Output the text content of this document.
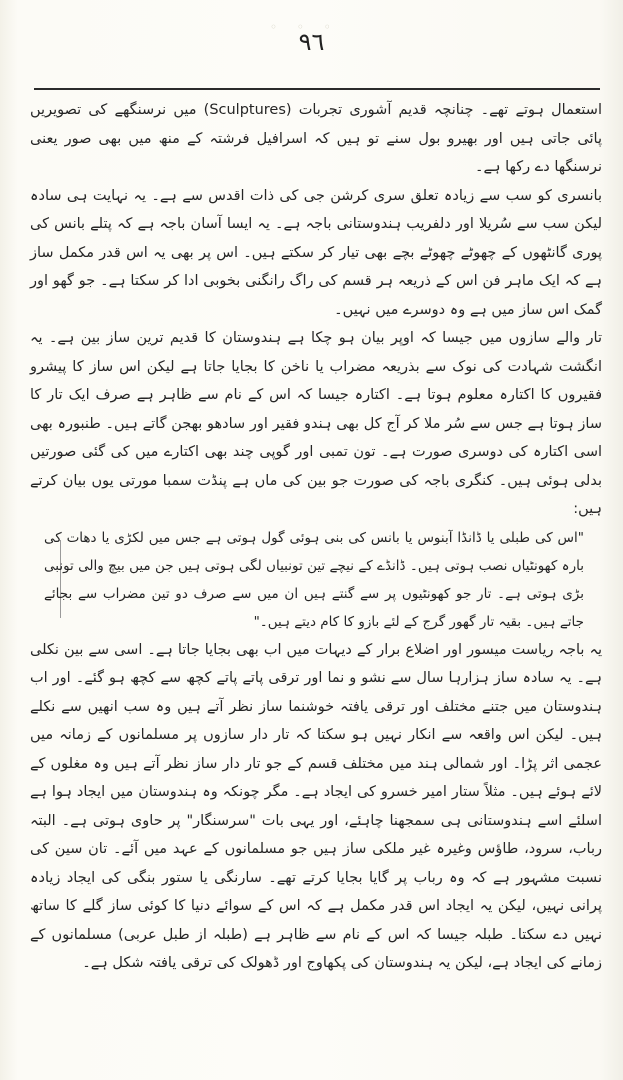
◦ ◦ ◦
٩٦

استعمال ہوتے تھے۔ چنانچہ قدیم آشوری تجربات (Sculptures) میں نرسنگھے کی تصویریں پائی جاتی ہیں اور بھیرو بول سنے تو ہیں کہ اسرافیل فرشتہ کے منھ میں بھی صور یعنی نرسنگھا دے رکھا ہے۔

بانسری کو سب سے زیادہ تعلق سری کرشن جی کی ذات اقدس سے ہے۔ یہ نہایت ہی سادہ لیکن سب سے سُریلا اور دلفریب ہندوستانی باجہ ہے۔ یہ ایسا آسان باجہ ہے کہ پتلے بانس کی پوری گانٹھوں کے چھوٹے چھوٹے بچے بھی تیار کر سکتے ہیں۔ اس پر بھی یہ اس قدر مکمل ساز ہے کہ ایک ماہر فن اس کے ذریعہ ہر قسم کی راگ رانگنی بخوبی ادا کر سکتا ہے۔ جو گھو اور گمک اس ساز میں ہے وہ دوسرے میں نہیں۔

تار والے سازوں میں جیسا کہ اوپر بیان ہو چکا ہے ہندوستان کا قدیم ترین ساز بین ہے۔ یہ انگشت شہادت کی نوک سے بذریعہ مضراب یا ناخن کا بجایا جاتا ہے لیکن اس ساز کا پیشرو فقیروں کا اکتارہ معلوم ہوتا ہے۔ اکتارہ جیسا کہ اس کے نام سے ظاہر ہے صرف ایک تار کا ساز ہوتا ہے جس سے سُر ملا کر آج کل بھی ہندو فقیر اور سادھو بھجن گاتے ہیں۔ طنبورہ بھی اسی اکتارہ کی دوسری صورت ہے۔ تون تمبی اور گوپی چند بھی اکتارے میں کی گئی صورتیں بدلی ہوئی ہیں۔ کنگری باجہ کی صورت جو بین کی ماں ہے پنڈت سمبا مورتی یوں بیان کرتے ہیں:

"اس کی طبلی یا ڈانڈا آبنوس یا بانس کی بنی ہوئی گول ہوتی ہے جس میں لکڑی یا دھات کی بارہ کھونٹیاں نصب ہوتی ہیں۔ ڈانڈے کے نیچے تین تونبیاں لگی ہوتی ہیں جن میں بیچ والی تونبی بڑی ہوتی ہے۔ تار جو کھونٹیوں پر سے گنتے ہیں ان میں سے صرف دو تین مضراب سے بجائے جاتے ہیں۔ بقیہ تار گھور گرج کے لئے بازو کا کام دیتے ہیں۔"

یہ باجہ ریاست میسور اور اضلاع برار کے دیہات میں اب بھی بجایا جاتا ہے۔ اسی سے بین نکلی ہے۔ یہ سادہ ساز ہزارہا سال سے نشو و نما اور ترقی پاتے پاتے کچھ سے کچھ ہو گئے۔ اور اب ہندوستان میں جتنے مختلف اور ترقی یافتہ خوشنما ساز نظر آتے ہیں وہ سب انھیں سے نکلے ہیں۔ لیکن اس واقعہ سے انکار نہیں ہو سکتا کہ تار دار سازوں پر مسلمانوں کے زمانہ میں عجمی اثر پڑا۔ اور شمالی ہند میں مختلف قسم کے جو تار دار ساز نظر آتے ہیں وہ مغلوں کے لائے ہوئے ہیں۔ مثلاً ستار امیر خسرو کی ایجاد ہے۔ مگر چونکہ وہ ہندوستان میں ایجاد ہوا ہے اسلئے اسے ہندوستانی ہی سمجھنا چاہئے، اور یہی بات "سرسنگار" پر حاوی ہوتی ہے۔ البتہ رباب، سرود، طاؤس وغیرہ غیر ملکی ساز ہیں جو مسلمانوں کے عہد میں آئے۔ تان سین کی نسبت مشہور ہے کہ وہ رباب پر گایا بجایا کرتے تھے۔ سارنگی یا ستور بنگی کی ایجاد زیادہ پرانی نہیں، لیکن یہ ایجاد اس قدر مکمل ہے کہ اس کے سوائے دنیا کا کوئی ساز گلے کا ساتھ نہیں دے سکتا۔ طبلہ جیسا کہ اس کے نام سے ظاہر ہے (طبلہ از طبل عربی) مسلمانوں کے زمانے کی ایجاد ہے، لیکن یہ ہندوستان کی پکھاوج اور ڈھولک کی ترقی یافتہ شکل ہے۔
